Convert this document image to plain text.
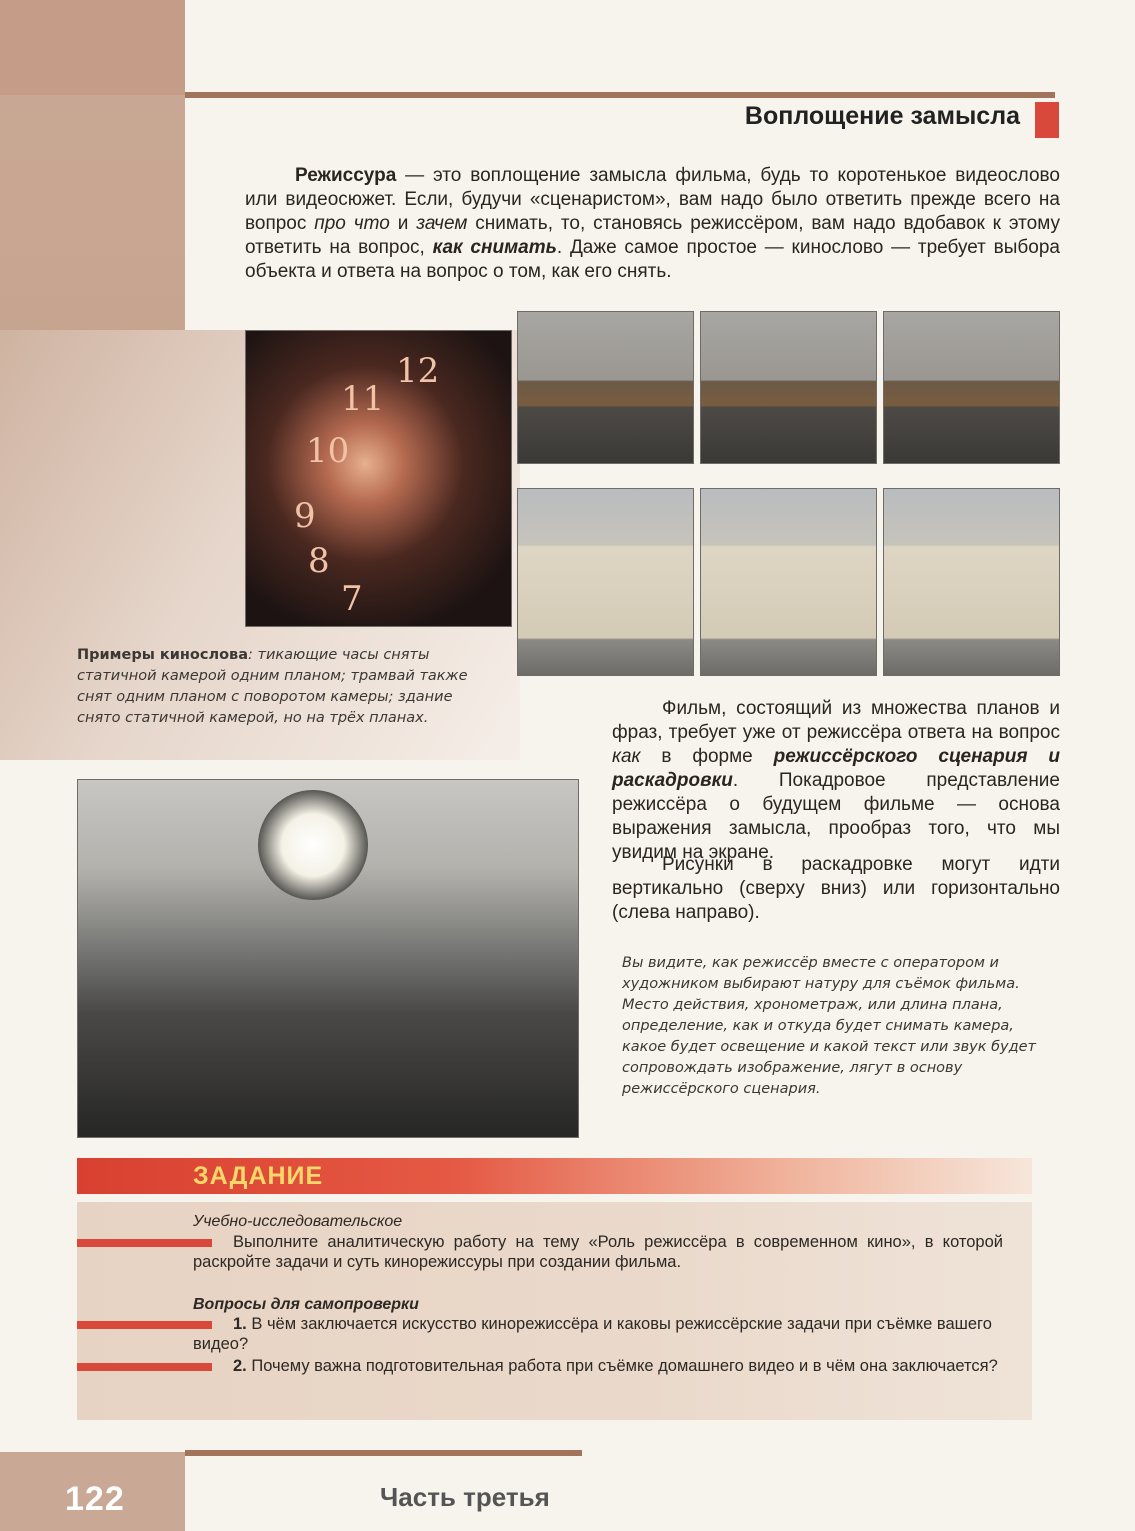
Воплощение замысла
Режиссура — это воплощение замысла фильма, будь то коротенькое видеослово или видеосюжет. Если, будучи «сценаристом», вам надо было ответить прежде всего на вопрос про что и зачем снимать, то, становясь режиссёром, вам надо вдобавок к этому ответить на вопрос, как снимать. Даже самое простое — кинослово — требует выбора объекта и ответа на вопрос о том, как его снять.
12
11
10
9
8
7
Примеры кинослова: тикающие часы сняты статичной камерой одним планом; трамвай также снят одним планом с поворотом камеры; здание снято статичной камерой, но на трёх планах.	Фильм, состоящий из множества планов и фраз, требует уже от режиссёра ответа на вопрос как в форме режиссёрского сценария и раскадровки. Покадровое представление режиссёра о будущем фильме — основа выражения замысла, прообраз того, что мы увидим на экране.
Рисунки в раскадровке могут идти вертикально (сверху вниз) или горизонтально (слева направо).
Вы видите, как режиссёр вместе с оператором и художником выбирают натуру для съёмок фильма. Место действия, хронометраж, или длина плана, определение, как и откуда будет снимать камера, какое будет освещение и какой текст или звук будет сопровождать изображение, лягут в основу режиссёрского сценария.
ЗАДАНИЕ
Учебно-исследовательское
Выполните аналитическую работу на тему «Роль режиссёра в современном кино», в которой раскройте задачи и суть кинорежиссуры при создании фильма.
Вопросы для самопроверки
1. В чём заключается искусство кинорежиссёра и каковы режиссёрские задачи при съёмке вашего видео?
2. Почему важна подготовительная работа при съёмке домашнего видео и в чём она заключается?
122	Часть третья
